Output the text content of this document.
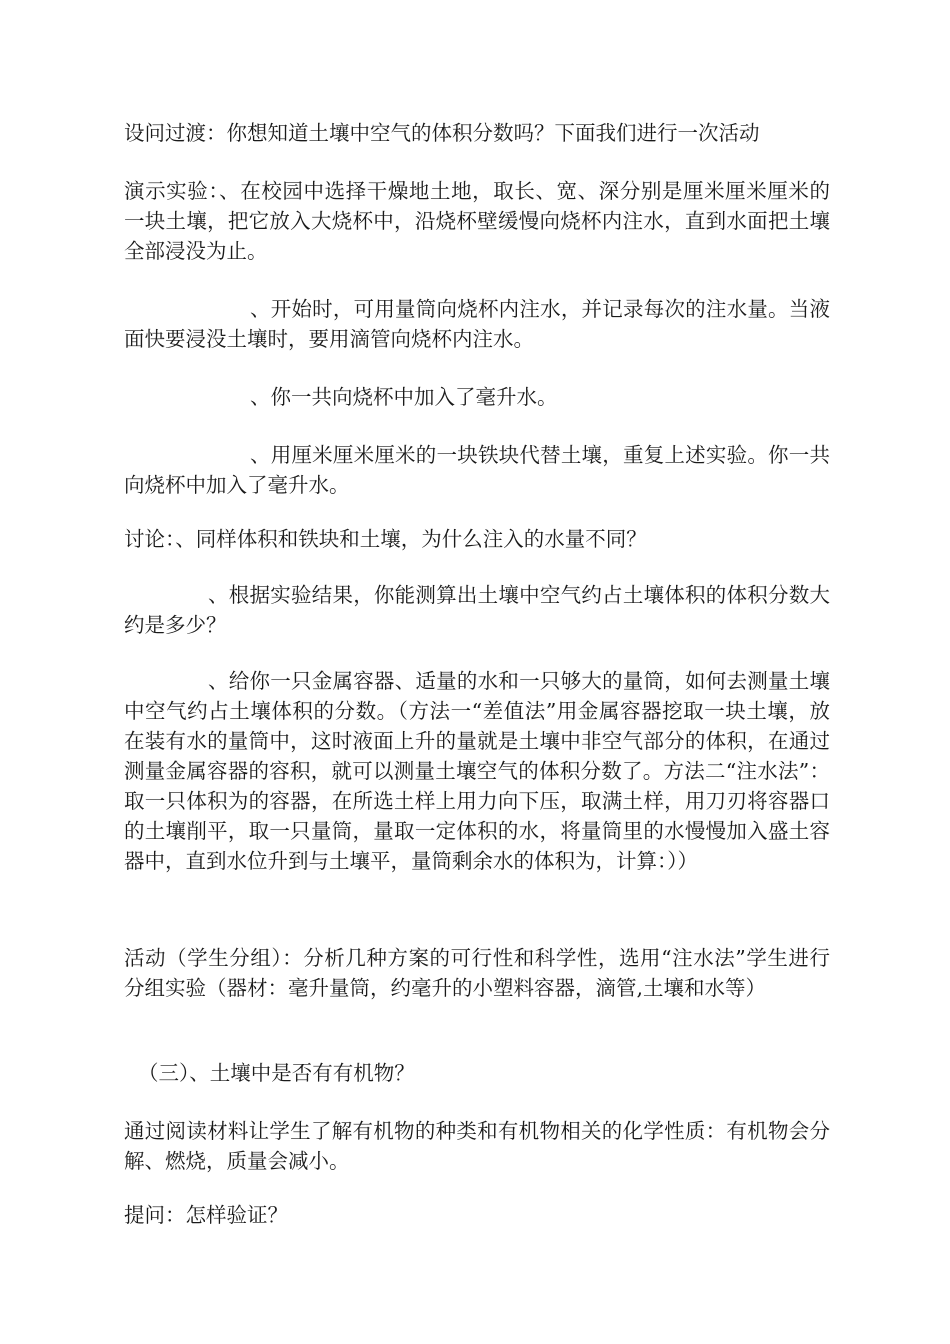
设问过渡：你想知道土壤中空气的体积分数吗？下面我们进行一次活动

演示实验：、在校园中选择干燥地土地，取长、宽、深分别是厘米厘米厘米的一块土壤，把它放入大烧杯中，沿烧杯壁缓慢向烧杯内注水，直到水面把土壤全部浸没为止。

、开始时，可用量筒向烧杯内注水，并记录每次的注水量。当液面快要浸没土壤时，要用滴管向烧杯内注水。

、你一共向烧杯中加入了毫升水。

、用厘米厘米厘米的一块铁块代替土壤，重复上述实验。你一共向烧杯中加入了毫升水。

讨论：、同样体积和铁块和土壤，为什么注入的水量不同？

、根据实验结果，你能测算出土壤中空气约占土壤体积的体积分数大约是多少？

、给你一只金属容器、适量的水和一只够大的量筒，如何去测量土壤中空气约占土壤体积的分数。（方法一“差值法”用金属容器挖取一块土壤，放在装有水的量筒中，这时液面上升的量就是土壤中非空气部分的体积，在通过测量金属容器的容积，就可以测量土壤空气的体积分数了。方法二“注水法”：取一只体积为的容器，在所选土样上用力向下压，取满土样，用刀刃将容器口的土壤削平，取一只量筒，量取一定体积的水，将量筒里的水慢慢加入盛土容器中，直到水位升到与土壤平，量筒剩余水的体积为，计算：））

活动（学生分组）：分析几种方案的可行性和科学性，选用“注水法”学生进行分组实验（器材：毫升量筒，约毫升的小塑料容器，滴管,土壤和水等）

（三）、土壤中是否有有机物？

通过阅读材料让学生了解有机物的种类和有机物相关的化学性质：有机物会分解、燃烧，质量会减小。

提问：怎样验证？
